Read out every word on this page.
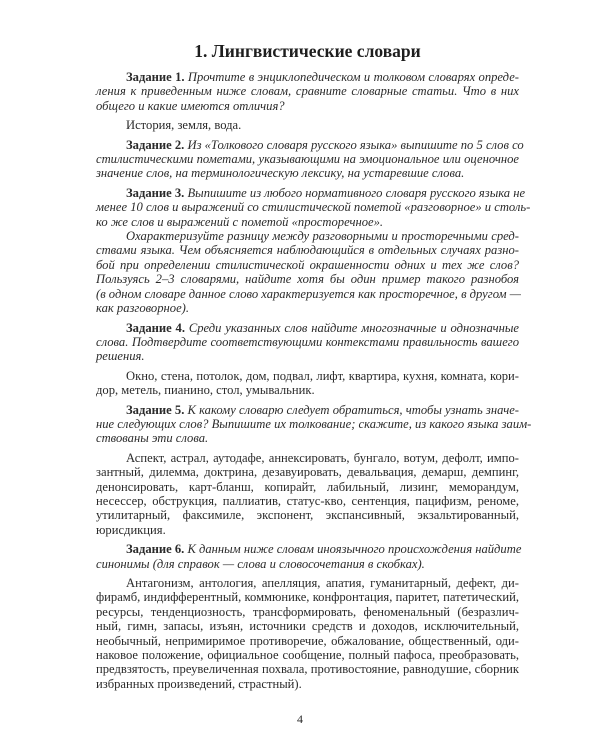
1. Лингвистические словари
Задание 1. Прочтите в энциклопедическом и толковом словарях опреде-
ления к приведенным ниже словам, сравните словарные статьи. Что в них
общего и какие имеются отличия?
История, земля, вода.
Задание 2. Из «Толкового словаря русского языка» выпишите по 5 слов со
стилистическими пометами, указывающими на эмоциональное или оценочное
значение слов, на терминологическую лексику, на устаревшие слова.
Задание 3. Выпишите из любого нормативного словаря русского языка не
менее 10 слов и выражений со стилистической пометой «разговорное» и столь-
ко же слов и выражений с пометой «просторечное».
Охарактеризуйте разницу между разговорными и просторечными сред-
ствами языка. Чем объясняется наблюдающийся в отдельных случаях разно-
бой при определении стилистической окрашенности одних и тех же слов?
Пользуясь 2–3 словарями, найдите хотя бы один пример такого разнобоя
(в одном словаре данное слово характеризуется как просторечное, в другом —
как разговорное).
Задание 4. Среди указанных слов найдите многозначные и однозначные
слова. Подтвердите соответствующими контекстами правильность вашего
решения.
Окно, стена, потолок, дом, подвал, лифт, квартира, кухня, комната, кори-
дор, метель, пианино, стол, умывальник.
Задание 5. К какому словарю следует обратиться, чтобы узнать значе-
ние следующих слов? Выпишите их толкование; скажите, из какого языка заим-
ствованы эти слова.
Аспект, астрал, аутодафе, аннексировать, бунгало, вотум, дефолт, импо-
зантный, дилемма, доктрина, дезавуировать, девальвация, демарш, демпинг,
денонсировать, карт-бланш, копирайт, лабильный, лизинг, меморандум,
несессер, обструкция, паллиатив, статус-кво, сентенция, пацифизм, реноме,
утилитарный, факсимиле, экспонент, экспансивный, экзальтированный,
юрисдикция.
Задание 6. К данным ниже словам иноязычного происхождения найдите
синонимы (для справок — слова и словосочетания в скобках).
Антагонизм, антология, апелляция, апатия, гуманитарный, дефект, ди-
фирамб, индифферентный, коммюнике, конфронтация, паритет, патетический,
ресурсы, тенденциозность, трансформировать, феноменальный (безразлич-
ный, гимн, запасы, изъян, источники средств и доходов, исключительный,
необычный, непримиримое противоречие, обжалование, общественный, оди-
наковое положение, официальное сообщение, полный пафоса, преобразовать,
предвзятость, преувеличенная похвала, противостояние, равнодушие, сборник
избранных произведений, страстный).
4
